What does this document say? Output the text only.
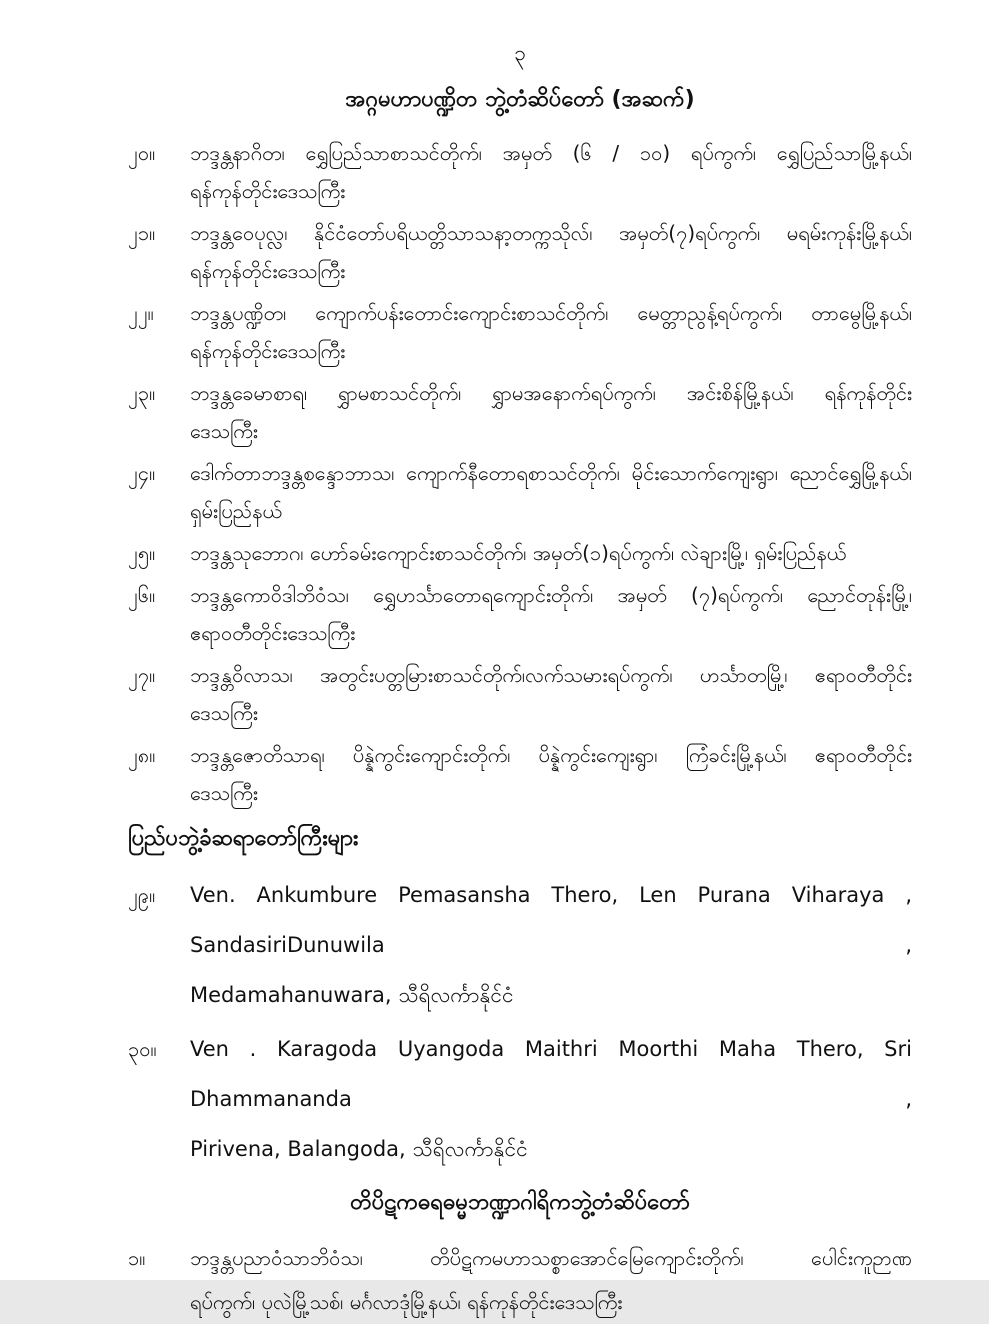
၃
အဂ္ဂမဟာပဏ္ဍိတ ဘွဲ့တံဆိပ်တော် (အဆက်)
၂၀။	ဘဒ္ဒန္တနာဂိတ၊ ရွှေပြည်သာစာသင်တိုက်၊ အမှတ် (၆ / ၁၀) ရပ်ကွက်၊ ရွှေပြည်သာမြို့နယ်၊
ရန်ကုန်တိုင်းဒေသကြီး
၂၁။	ဘဒ္ဒန္တဝေပုလ္လ၊ နိုင်ငံတော်ပရိယတ္တိသာသနာ့တက္ကသိုလ်၊ အမှတ်(၇)ရပ်ကွက်၊ မရမ်းကုန်းမြို့နယ်၊
ရန်ကုန်တိုင်းဒေသကြီး
၂၂။	ဘဒ္ဒန္တပဏ္ဍိတ၊ ကျောက်ပန်းတောင်းကျောင်းစာသင်တိုက်၊ မေတ္တာညွန့်ရပ်ကွက်၊ တာမွေမြို့နယ်၊
ရန်ကုန်တိုင်းဒေသကြီး
၂၃။	ဘဒ္ဒန္တခေမာစာရ၊ ရွှာမစာသင်တိုက်၊ ရွှာမအနောက်ရပ်ကွက်၊ အင်းစိန်မြို့နယ်၊ ရန်ကုန်တိုင်း
ဒေသကြီး
၂၄။	ဒေါက်တာဘဒ္ဒန္တစန္ဒောဘာသ၊ ကျောက်နီတောရစာသင်တိုက်၊ မိုင်းသောက်ကျေးရွာ၊ ညောင်ရွှေမြို့နယ်၊
ရှမ်းပြည်နယ်
၂၅။	ဘဒ္ဒန္တသုဘောဂ၊ ဟော်ခမ်းကျောင်းစာသင်တိုက်၊ အမှတ်(၁)ရပ်ကွက်၊ လဲချားမြို့၊ ရှမ်းပြည်နယ်
၂၆။	ဘဒ္ဒန္တကောဝိဒါဘိဝံသ၊ ရွှေဟင်္သာတောရကျောင်းတိုက်၊ အမှတ် (၇)ရပ်ကွက်၊ ညောင်တုန်းမြို့၊
ဧရာဝတီတိုင်းဒေသကြီး
၂၇။	ဘဒ္ဒန္တဝိလာသ၊ အတွင်းပတ္တမြားစာသင်တိုက်၊လက်သမားရပ်ကွက်၊ ဟင်္သာတမြို့၊ ဧရာဝတီတိုင်း
ဒေသကြီး
၂၈။	ဘဒ္ဒန္တဇောတိသာရ၊ ပိန္နဲကွင်းကျောင်းတိုက်၊ ပိန္နဲကွင်းကျေးရွာ၊ ကြံခင်းမြို့နယ်၊ ဧရာဝတီတိုင်း
ဒေသကြီး
ပြည်ပဘွဲ့ခံဆရာတော်ကြီးများ
၂၉။	Ven. Ankumbure Pemasansha Thero, Len Purana Viharaya , SandasiriDunuwila ,
Medamahanuwara, သီရိလင်္ကာနိုင်ငံ
၃၀။	Ven . Karagoda Uyangoda Maithri Moorthi Maha Thero, Sri Dhammananda ,
Pirivena, Balangoda, သီရိလင်္ကာနိုင်ငံ
တိပိဋကဓရဓမ္မဘဏ္ဍာဂါရိကဘွဲ့တံဆိပ်တော်
၁။	ဘဒ္ဒန္တပညာဝံသာဘိဝံသ၊ တိပိဋကမဟာသစ္စာအောင်မြေကျောင်းတိုက်၊ ပေါင်းကူဉာဏ
ရပ်ကွက်၊ ပုလဲမြို့သစ်၊ မင်္ဂလာဒုံမြို့နယ်၊ ရန်ကုန်တိုင်းဒေသကြီး
